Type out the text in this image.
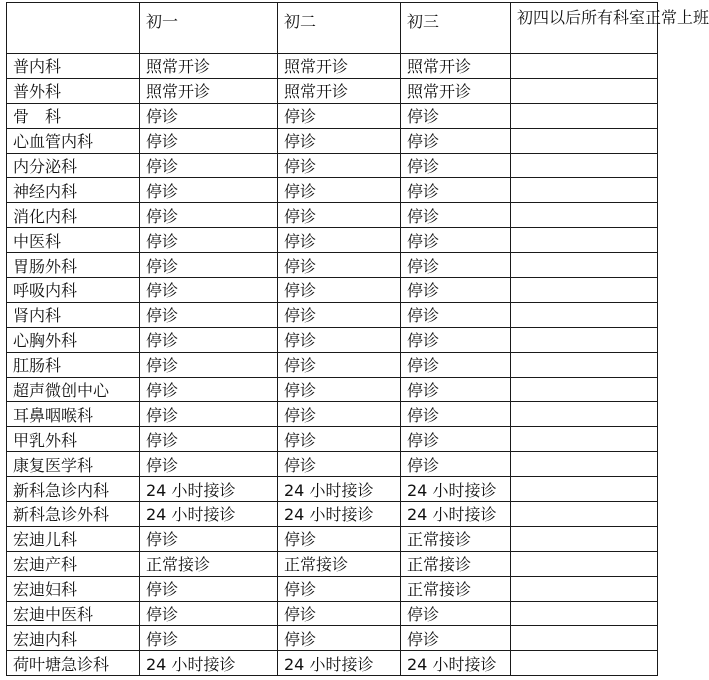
	初一	初二	初三	初四以后所有科室正常上班
普内科	照常开诊	照常开诊	照常开诊	
普外科	照常开诊	照常开诊	照常开诊	
骨　科	停诊	停诊	停诊	
心血管内科	停诊	停诊	停诊	
内分泌科	停诊	停诊	停诊	
神经内科	停诊	停诊	停诊	
消化内科	停诊	停诊	停诊	
中医科	停诊	停诊	停诊	
胃肠外科	停诊	停诊	停诊	
呼吸内科	停诊	停诊	停诊	
肾内科	停诊	停诊	停诊	
心胸外科	停诊	停诊	停诊	
肛肠科	停诊	停诊	停诊	
超声微创中心	停诊	停诊	停诊	
耳鼻咽喉科	停诊	停诊	停诊	
甲乳外科	停诊	停诊	停诊	
康复医学科	停诊	停诊	停诊	
新科急诊内科	24 小时接诊	24 小时接诊	24 小时接诊	
新科急诊外科	24 小时接诊	24 小时接诊	24 小时接诊	
宏迪儿科	停诊	停诊	正常接诊	
宏迪产科	正常接诊	正常接诊	正常接诊	
宏迪妇科	停诊	停诊	正常接诊	
宏迪中医科	停诊	停诊	停诊	
宏迪内科	停诊	停诊	停诊	
荷叶塘急诊科	24 小时接诊	24 小时接诊	24 小时接诊	
